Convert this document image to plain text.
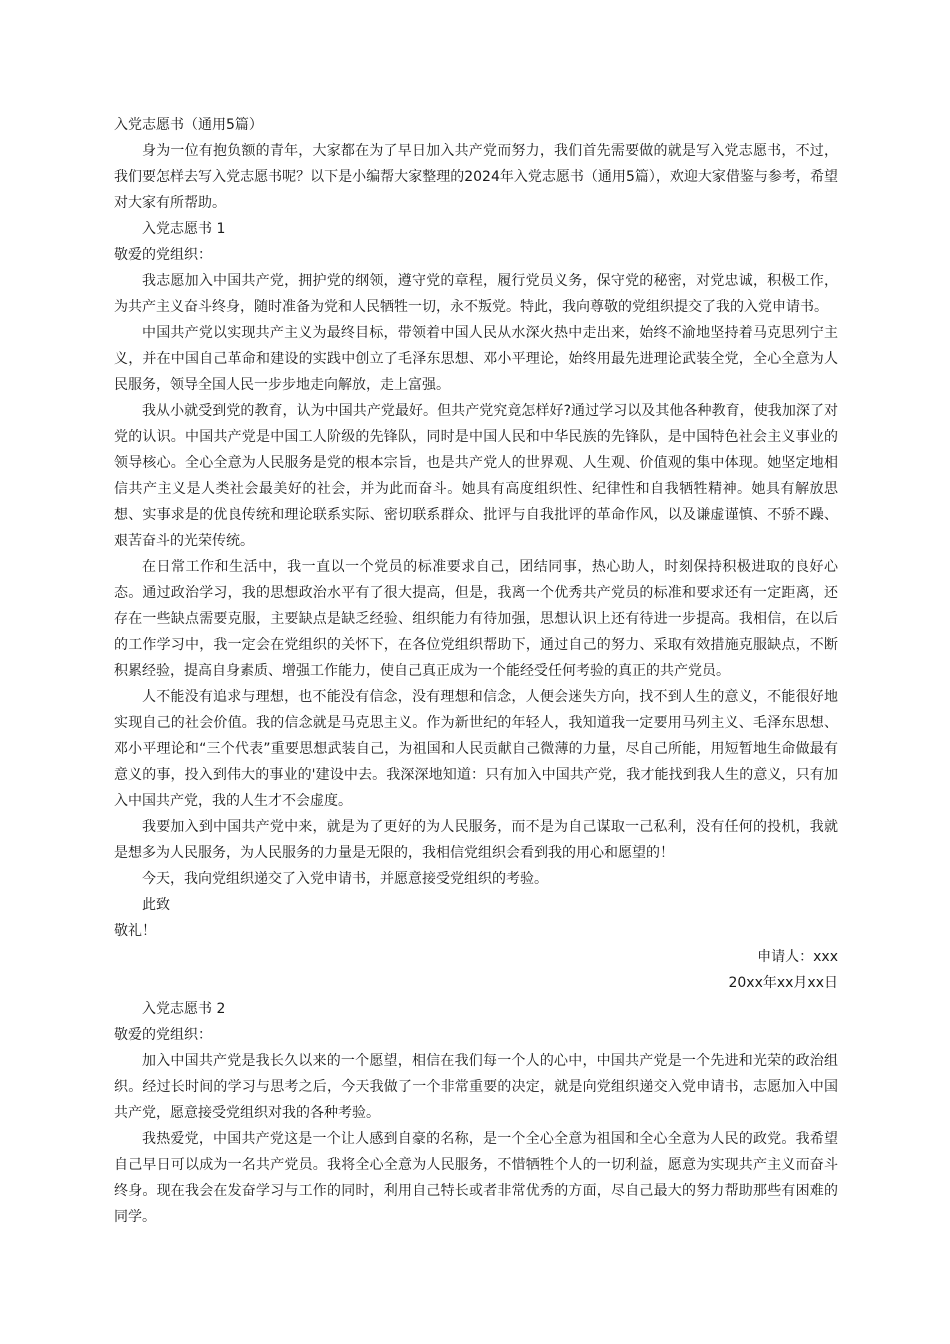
入党志愿书（通用5篇）
身为一位有抱负额的青年，大家都在为了早日加入共产党而努力，我们首先需要做的就是写入党志愿书，不过，我们要怎样去写入党志愿书呢？以下是小编帮大家整理的2024年入党志愿书（通用5篇），欢迎大家借鉴与参考，希望对大家有所帮助。
入党志愿书 1
敬爱的党组织：
我志愿加入中国共产党，拥护党的纲领，遵守党的章程，履行党员义务，保守党的秘密，对党忠诚，积极工作，为共产主义奋斗终身，随时准备为党和人民牺牲一切，永不叛党。特此，我向尊敬的党组织提交了我的入党申请书。
中国共产党以实现共产主义为最终目标，带领着中国人民从水深火热中走出来，始终不渝地坚持着马克思列宁主义，并在中国自己革命和建设的实践中创立了毛泽东思想、邓小平理论，始终用最先进理论武装全党，全心全意为人民服务，领导全国人民一步步地走向解放，走上富强。
我从小就受到党的教育，认为中国共产党最好。但共产党究竟怎样好?通过学习以及其他各种教育，使我加深了对党的认识。中国共产党是中国工人阶级的先锋队，同时是中国人民和中华民族的先锋队，是中国特色社会主义事业的领导核心。全心全意为人民服务是党的根本宗旨，也是共产党人的世界观、人生观、价值观的集中体现。她坚定地相信共产主义是人类社会最美好的社会，并为此而奋斗。她具有高度组织性、纪律性和自我牺牲精神。她具有解放思想、实事求是的优良传统和理论联系实际、密切联系群众、批评与自我批评的革命作风，以及谦虚谨慎、不骄不躁、艰苦奋斗的光荣传统。
在日常工作和生活中，我一直以一个党员的标准要求自己，团结同事，热心助人，时刻保持积极进取的良好心态。通过政治学习，我的思想政治水平有了很大提高，但是，我离一个优秀共产党员的标准和要求还有一定距离，还存在一些缺点需要克服，主要缺点是缺乏经验、组织能力有待加强，思想认识上还有待进一步提高。我相信，在以后的工作学习中，我一定会在党组织的关怀下，在各位党组织帮助下，通过自己的努力、采取有效措施克服缺点，不断积累经验，提高自身素质、增强工作能力，使自己真正成为一个能经受任何考验的真正的共产党员。
人不能没有追求与理想，也不能没有信念，没有理想和信念，人便会迷失方向，找不到人生的意义，不能很好地实现自己的社会价值。我的信念就是马克思主义。作为新世纪的年轻人，我知道我一定要用马列主义、毛泽东思想、邓小平理论和“三个代表”重要思想武装自己，为祖国和人民贡献自己微薄的力量，尽自己所能，用短暂地生命做最有意义的事，投入到伟大的事业的'建设中去。我深深地知道：只有加入中国共产党，我才能找到我人生的意义，只有加入中国共产党，我的人生才不会虚度。
我要加入到中国共产党中来，就是为了更好的为人民服务，而不是为自己谋取一己私利，没有任何的投机，我就是想多为人民服务，为人民服务的力量是无限的，我相信党组织会看到我的用心和愿望的！
今天，我向党组织递交了入党申请书，并愿意接受党组织的考验。
此致
敬礼！
申请人：xxx
20xx年xx月xx日
入党志愿书 2
敬爱的党组织：
加入中国共产党是我长久以来的一个愿望，相信在我们每一个人的心中，中国共产党是一个先进和光荣的政治组织。经过长时间的学习与思考之后，今天我做了一个非常重要的决定，就是向党组织递交入党申请书，志愿加入中国共产党，愿意接受党组织对我的各种考验。
我热爱党，中国共产党这是一个让人感到自豪的名称，是一个全心全意为祖国和全心全意为人民的政党。我希望自己早日可以成为一名共产党员。我将全心全意为人民服务，不惜牺牲个人的一切利益，愿意为实现共产主义而奋斗终身。现在我会在发奋学习与工作的同时，利用自己特长或者非常优秀的方面，尽自己最大的努力帮助那些有困难的同学。
